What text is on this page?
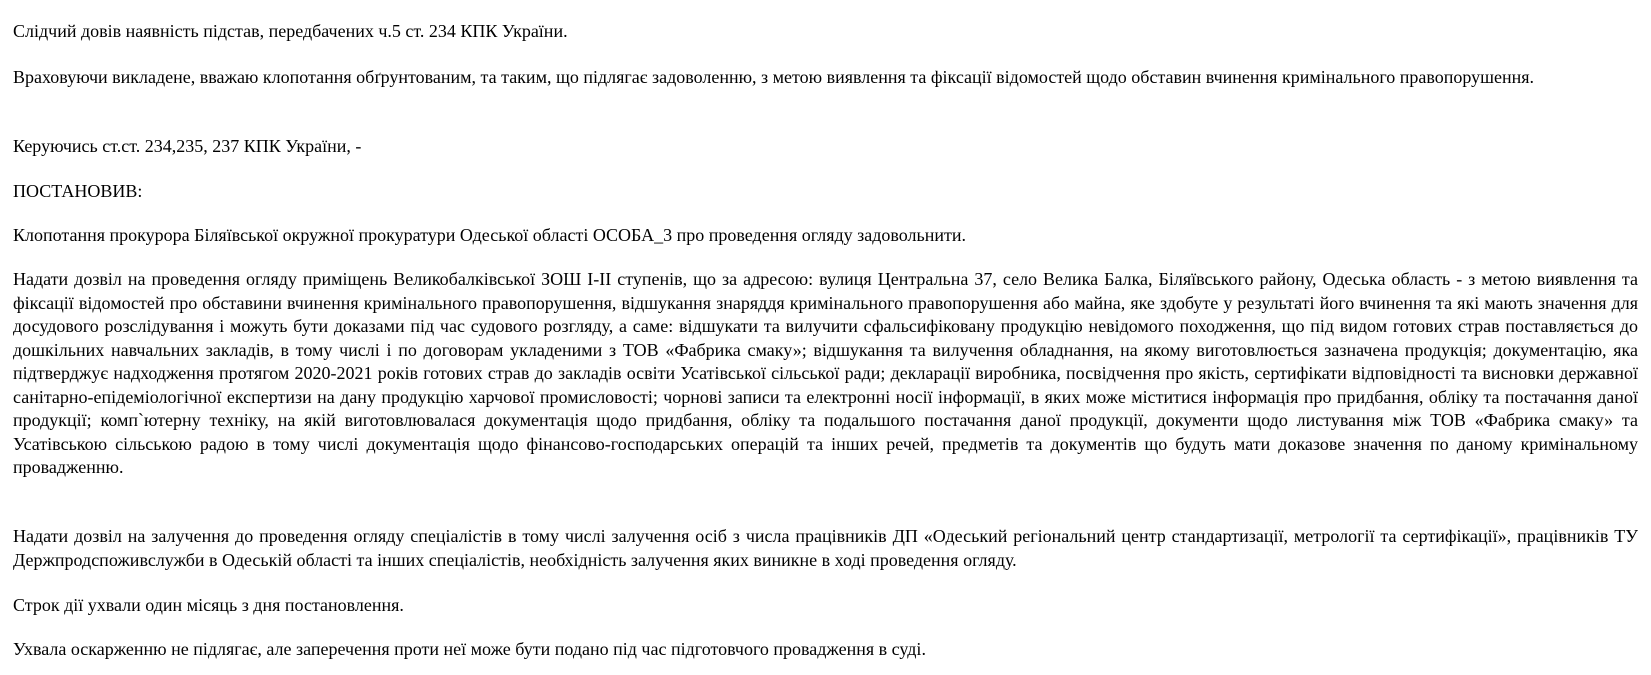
Слідчий довів наявність підстав, передбачених ч.5 ст. 234 КПК України.

Враховуючи викладене, вважаю клопотання обґрунтованим, та таким, що підлягає задоволенню, з метою виявлення та фіксації відомостей щодо обставин вчинення кримінального правопорушення.

Керуючись ст.ст. 234,235, 237 КПК України, -

ПОСТАНОВИВ:

Клопотання прокурора Біляївської окружної прокуратури Одеської області ОСОБА_3 про проведення огляду задовольнити.

Надати дозвіл на проведення огляду приміщень Великобалківської ЗОШ І-ІІ ступенів, що за адресою: вулиця Центральна 37, село Велика Балка, Біляївського району, Одеська область - з метою виявлення та фіксації відомостей про обставини вчинення кримінального правопорушення, відшукання знаряддя кримінального правопорушення або майна, яке здобуте у результаті його вчинення та які мають значення для досудового розслідування і можуть бути доказами під час судового розгляду, а саме: відшукати та вилучити сфальсифіковану продукцію невідомого походження, що під видом готових страв поставляється до дошкільних навчальних закладів, в тому числі і по договорам укладеними з ТОВ «Фабрика смаку»; відшукання та вилучення обладнання, на якому виготовлюється зазначена продукція; документацію, яка підтверджує надходження протягом 2020-2021 років готових страв до закладів освіти Усатівської сільської ради; декларації виробника, посвідчення про якість, сертифікати відповідності та висновки державної санітарно-епідеміологічної експертизи на дану продукцію харчової промисловості; чорнові записи та електронні носії інформації, в яких може міститися інформація про придбання, обліку та постачання даної продукції; комп`ютерну техніку, на якій виготовлювалася документація щодо придбання, обліку та подальшого постачання даної продукції, документи щодо листування між ТОВ «Фабрика смаку» та Усатівською сільською радою в тому числі документація щодо фінансово-господарських операцій та інших речей, предметів та документів що будуть мати доказове значення по даному кримінальному провадженню.

Надати дозвіл на залучення до проведення огляду спеціалістів в тому числі залучення осіб з числа працівників ДП «Одеський регіональний центр стандартизації, метрології та сертифікації», працівників ТУ Держпродспоживслужби в Одеській області та інших спеціалістів, необхідність залучення яких виникне в ході проведення огляду.

Строк дії ухвали один місяць з дня постановлення.

Ухвала оскарженню не підлягає, але заперечення проти неї може бути подано під час підготовчого провадження в суді.
